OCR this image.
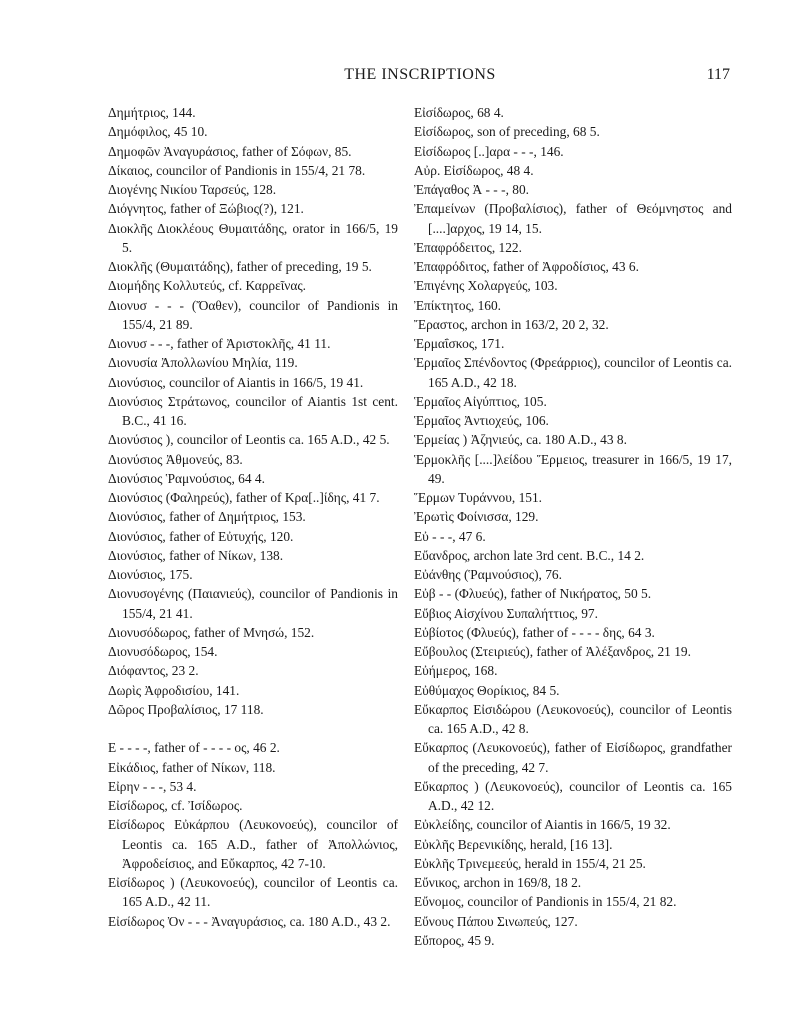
THE INSCRIPTIONS	117
Δημήτριος, 144.
Δημόφιλος, 45 10.
Δημοφῶν Ἀναγυράσιος, father of Σόφων, 85.
Δίκαιος, councilor of Pandionis in 155/4, 21 78.
Διογένης Νικίου Ταρσεύς, 128.
Διόγνητος, father of Ξώβιος(?), 121.
Διοκλῆς Διοκλέους Θυμαιτάδης, orator in 166/5, 19 5.
Διοκλῆς (Θυμαιτάδης), father of preceding, 19 5.
Διομήδης Κολλυτεύς, cf. Καρρεῖνας.
Διονυσ - - - (Ὄαθεν), councilor of Pandionis in 155/4, 21 89.
Διονυσ - - -, father of Ἀριστοκλῆς, 41 11.
Διονυσία Ἀπολλωνίου Μηλία, 119.
Διονύσιος, councilor of Aiantis in 166/5, 19 41.
Διονύσιος Στράτωνος, councilor of Aiantis 1st cent. B.C., 41 16.
Διονύσιος ), councilor of Leontis ca. 165 A.D., 42 5.
Διονύσιος Ἀθμονεύς, 83.
Διονύσιος Ῥαμνούσιος, 64 4.
Διονύσιος (Φαληρεύς), father of Κρα[..]ίδης, 41 7.
Διονύσιος, father of Δημήτριος, 153.
Διονύσιος, father of Εὐτυχής, 120.
Διονύσιος, father of Νίκων, 138.
Διονύσιος, 175.
Διονυσογένης (Παιανιεύς), councilor of Pandionis in 155/4, 21 41.
Διονυσόδωρος, father of Μνησώ, 152.
Διονυσόδωρος, 154.
Διόφαντος, 23 2.
Δωρὶς Ἀφροδισίου, 141.
Δῶρος Προβαλίσιος, 17 118.
Ε - - - -, father of - - - - ος, 46 2.
Εἰκάδιος, father of Νίκων, 118.
Εἰρην - - -, 53 4.
Εἰσίδωρος, cf. Ἰσίδωρος.
Εἰσίδωρος Εὐκάρπου (Λευκονοεύς), councilor of Leontis ca. 165 A.D., father of Ἀπολλώνιος, Ἀφροδείσιος, and Εὔκαρπος, 42 7-10.
Εἰσίδωρος ) (Λευκονοεύς), councilor of Leontis ca. 165 A.D., 42 11.
Εἰσίδωρος Ὀν - - - Ἀναγυράσιος, ca. 180 A.D., 43 2.
Εἰσίδωρος, 68 4.
Εἰσίδωρος, son of preceding, 68 5.
Εἰσίδωρος [..]αρα - - -, 146.
Αὐρ. Εἰσίδωρος, 48 4.
Ἐπάγαθος Ἀ - - -, 80.
Ἐπαμείνων (Προβαλίσιος), father of Θεόμνηστος and [....]αρχος, 19 14, 15.
Ἐπαφρόδειτος, 122.
Ἐπαφρόδιτος, father of Ἀφροδίσιος, 43 6.
Ἐπιγένης Χολαργεύς, 103.
Ἐπίκτητος, 160.
Ἔραστος, archon in 163/2, 20 2, 32.
Ἑρμαΐσκος, 171.
Ἑρμαῖος Σπένδοντος (Φρεάρριος), councilor of Leontis ca. 165 A.D., 42 18.
Ἑρμαῖος Αἰγύπτιος, 105.
Ἑρμαῖος Ἀντιοχεύς, 106.
Ἑρμείας ) Ἀζηνιεύς, ca. 180 A.D., 43 8.
Ἑρμοκλῆς [....]λείδου Ἕρμειος, treasurer in 166/5, 19 17, 49.
Ἕρμων Τυράννου, 151.
Ἐρωτὶς Φοίνισσα, 129.
Εὐ - - -, 47 6.
Εὔανδρος, archon late 3rd cent. B.C., 14 2.
Εὐάνθης (Ῥαμνούσιος), 76.
Εὐβ - - (Φλυεύς), father of Νικήρατος, 50 5.
Εὔβιος Αἰσχίνου Συπαλήττιος, 97.
Εὐβίοτος (Φλυεύς), father of - - - - δης, 64 3.
Εὔβουλος (Στειριεύς), father of Ἀλέξανδρος, 21 19.
Εὐήμερος, 168.
Εὐθύμαχος Θορίκιος, 84 5.
Εὔκαρπος Εἰσιδώρου (Λευκονοεύς), councilor of Leontis ca. 165 A.D., 42 8.
Εὔκαρπος (Λευκονοεύς), father of Εἰσίδωρος, grandfather of the preceding, 42 7.
Εὔκαρπος ) (Λευκονοεύς), councilor of Leontis ca. 165 A.D., 42 12.
Εὐκλείδης, councilor of Aiantis in 166/5, 19 32.
Εὐκλῆς Βερενικίδης, herald, [16 13].
Εὐκλῆς Τρινεμεεύς, herald in 155/4, 21 25.
Εὔνικος, archon in 169/8, 18 2.
Εὔνομος, councilor of Pandionis in 155/4, 21 82.
Εὔνους Πάπου Σινωπεύς, 127.
Εὔπορος, 45 9.
